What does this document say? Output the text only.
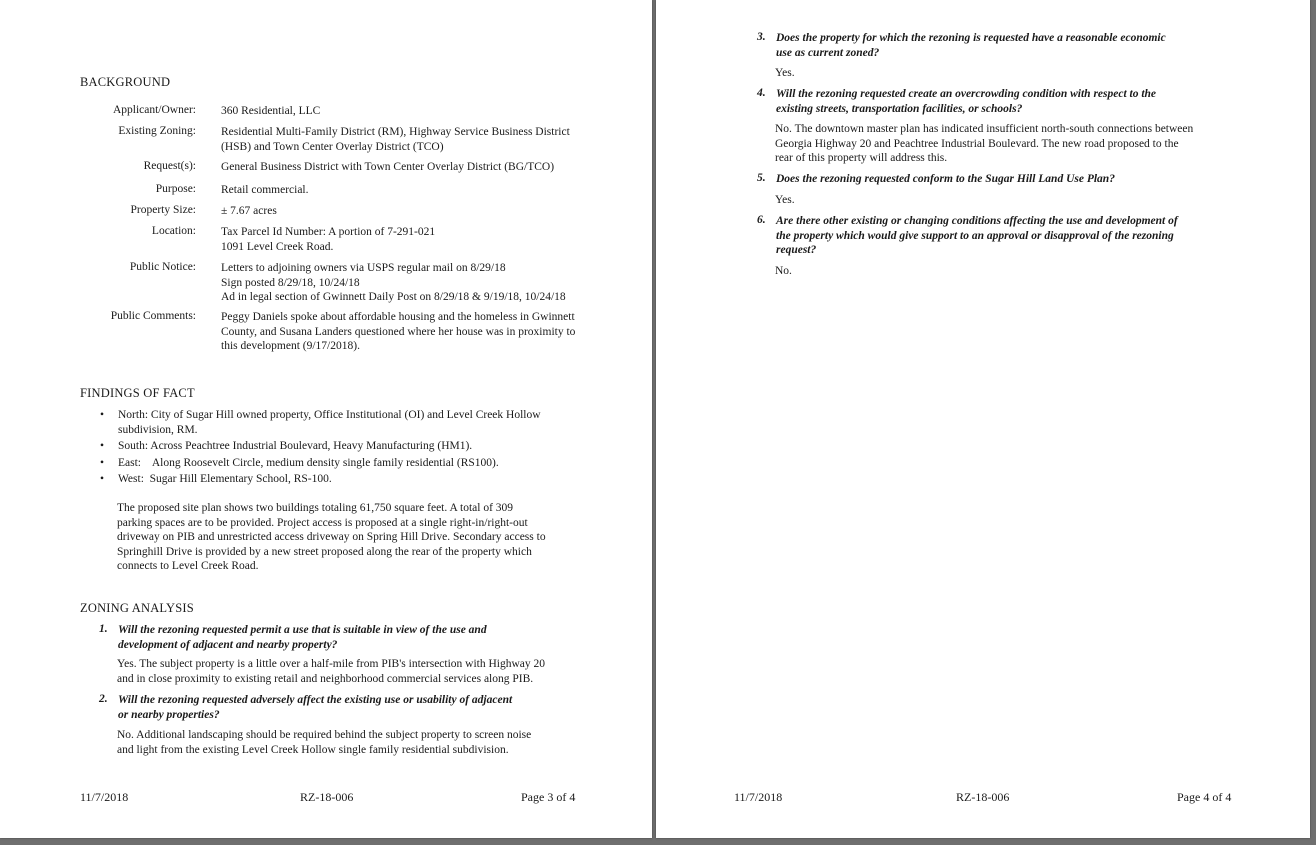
BACKGROUND
Applicant/Owner: 360 Residential, LLC
Existing Zoning: Residential Multi-Family District (RM), Highway Service Business District
(HSB) and Town Center Overlay District (TCO)
Request(s): General Business District with Town Center Overlay District (BG/TCO)
Purpose: Retail commercial.
Property Size: ± 7.67 acres
Location: Tax Parcel Id Number: A portion of 7-291-021
1091 Level Creek Road.
Public Notice: Letters to adjoining owners via USPS regular mail on 8/29/18
Sign posted 8/29/18, 10/24/18
Ad in legal section of Gwinnett Daily Post on 8/29/18 & 9/19/18, 10/24/18
Public Comments: Peggy Daniels spoke about affordable housing and the homeless in Gwinnett
County, and Susana Landers questioned where her house was in proximity to
this development (9/17/2018).
FINDINGS OF FACT
• North: City of Sugar Hill owned property, Office Institutional (OI) and Level Creek Hollow
subdivision, RM.
• South: Across Peachtree Industrial Boulevard, Heavy Manufacturing (HM1).
• East:    Along Roosevelt Circle, medium density single family residential (RS100).
• West:  Sugar Hill Elementary School, RS-100.
The proposed site plan shows two buildings totaling 61,750 square feet. A total of 309
parking spaces are to be provided. Project access is proposed at a single right-in/right-out
driveway on PIB and unrestricted access driveway on Spring Hill Drive. Secondary access to
Springhill Drive is provided by a new street proposed along the rear of the property which
connects to Level Creek Road.
ZONING ANALYSIS
1. Will the rezoning requested permit a use that is suitable in view of the use and
development of adjacent and nearby property?
Yes. The subject property is a little over a half-mile from PIB's intersection with Highway 20
and in close proximity to existing retail and neighborhood commercial services along PIB.
2. Will the rezoning requested adversely affect the existing use or usability of adjacent
or nearby properties?
No. Additional landscaping should be required behind the subject property to screen noise
and light from the existing Level Creek Hollow single family residential subdivision.
11/7/2018	RZ-18-006	Page 3 of 4
3. Does the property for which the rezoning is requested have a reasonable economic
use as current zoned?
Yes.
4. Will the rezoning requested create an overcrowding condition with respect to the
existing streets, transportation facilities, or schools?
No. The downtown master plan has indicated insufficient north-south connections between
Georgia Highway 20 and Peachtree Industrial Boulevard. The new road proposed to the
rear of this property will address this.
5. Does the rezoning requested conform to the Sugar Hill Land Use Plan?
Yes.
6. Are there other existing or changing conditions affecting the use and development of
the property which would give support to an approval or disapproval of the rezoning
request?
No.
11/7/2018	RZ-18-006	Page 4 of 4
